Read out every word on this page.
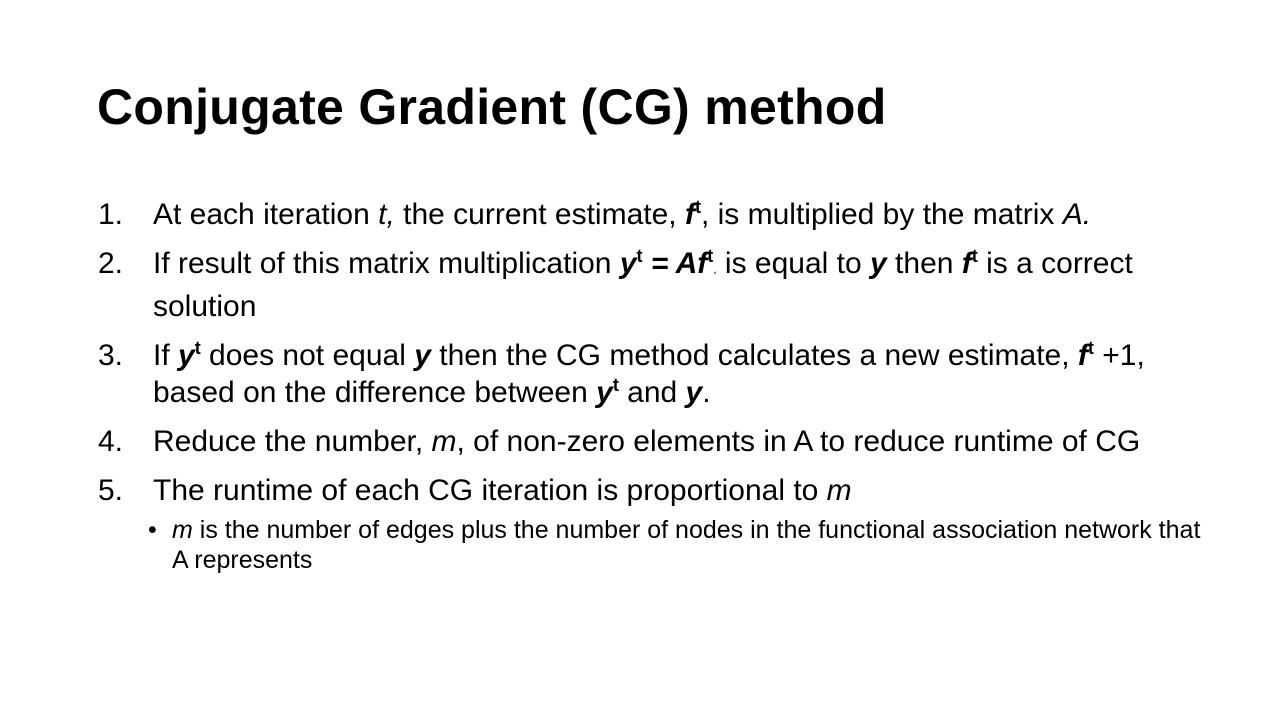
Conjugate Gradient (CG) method
1. At each iteration t, the current estimate, $f^t$, is multiplied by the matrix A.
2. If result of this matrix multiplication $y^t = Af^t$, is equal to y then $f^t$ is a correct solution
3. If $y^t$ does not equal y then the CG method calculates a new estimate, $f^t +1$, based on the difference between $y^t$ and y.
4. Reduce the number, m, of non-zero elements in A to reduce runtime of CG
5. The runtime of each CG iteration is proportional to m
• m is the number of edges plus the number of nodes in the functional association network that A represents
